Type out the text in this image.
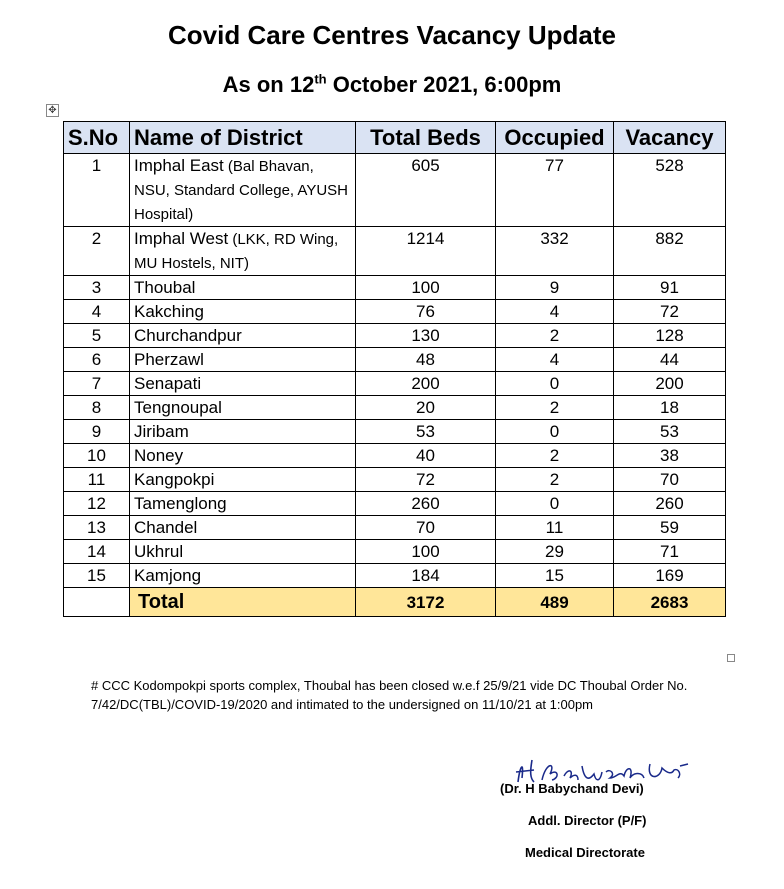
Covid Care Centres Vacancy Update
As on 12th October 2021, 6:00pm
✥
S.No	Name of District	Total Beds	Occupied	Vacancy
1	Imphal East (Bal Bhavan, NSU, Standard College, AYUSH Hospital)	605	77	528
2	Imphal West (LKK, RD Wing, MU Hostels, NIT)	1214	332	882
3	Thoubal	100	9	91
4	Kakching	76	4	72
5	Churchandpur	130	2	128
6	Pherzawl	48	4	44
7	Senapati	200	0	200
8	Tengnoupal	20	2	18
9	Jiribam	53	0	53
10	Noney	40	2	38
11	Kangpokpi	72	2	70
12	Tamenglong	260	0	260
13	Chandel	70	11	59
14	Ukhrul	100	29	71
15	Kamjong	184	15	169
	Total	3172	489	2683
# CCC Kodompokpi sports complex, Thoubal has been closed w.e.f 25/9/21 vide DC Thoubal Order No. 7/42/DC(TBL)/COVID-19/2020 and intimated to the undersigned on 11/10/21 at 1:00pm
(Dr. H Babychand Devi)
Addl. Director (P/F)
Medical Directorate
